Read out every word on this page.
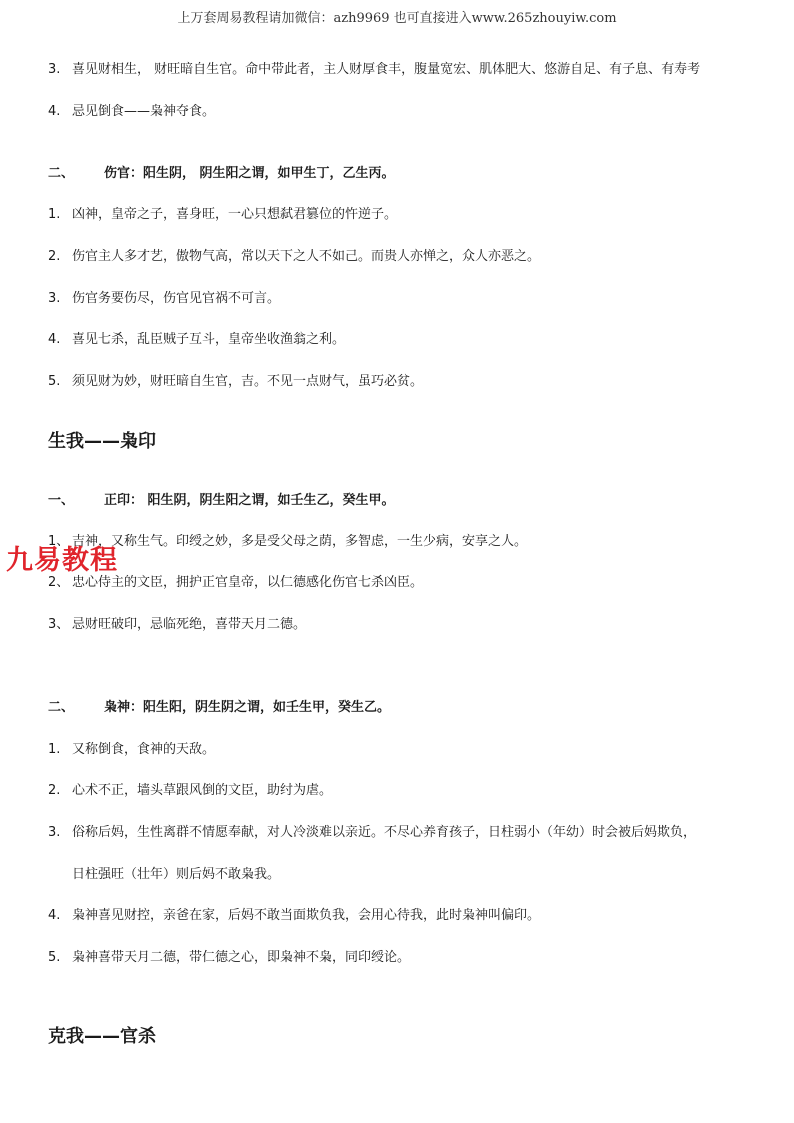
上万套周易教程请加微信：azh9969 也可直接进入www.265zhouyiw.com
3. 喜见财相生， 财旺暗自生官。命中带此者，主人财厚食丰，腹量宽宏、肌体肥大、悠游自足、有子息、有寿考
4. 忌见倒食——枭神夺食。
二、 伤官：阳生阴， 阴生阳之谓，如甲生丁，乙生丙。
1. 凶神，皇帝之子，喜身旺，一心只想弑君篡位的忤逆子。
2. 伤官主人多才艺，傲物气高，常以天下之人不如己。而贵人亦惮之，众人亦恶之。
3. 伤官务要伤尽，伤官见官祸不可言。
4. 喜见七杀，乱臣贼子互斗，皇帝坐收渔翁之利。
5. 须见财为妙，财旺暗自生官，吉。不见一点财气，虽巧必贫。
生我——枭印
一、 正印： 阳生阴，阴生阳之谓，如壬生乙，癸生甲。
1、 吉神，又称生气。印绶之妙，多是受父母之荫，多智虑，一生少病，安享之人。
2、 忠心侍主的文臣，拥护正官皇帝，以仁德感化伤官七杀凶臣。
3、 忌财旺破印，忌临死绝，喜带天月二德。
九易教程
二、 枭神：阳生阳，阴生阴之谓，如壬生甲，癸生乙。
1. 又称倒食，食神的天敌。
2. 心术不正，墙头草跟风倒的文臣，助纣为虐。
3. 俗称后妈，生性离群不情愿奉献，对人冷淡难以亲近。不尽心养育孩子，日柱弱小（年幼）时会被后妈欺负，
日柱强旺（壮年）则后妈不敢枭我。
4. 枭神喜见财控，亲爸在家，后妈不敢当面欺负我，会用心待我，此时枭神叫偏印。
5. 枭神喜带天月二德，带仁德之心，即枭神不枭，同印绶论。
克我——官杀
